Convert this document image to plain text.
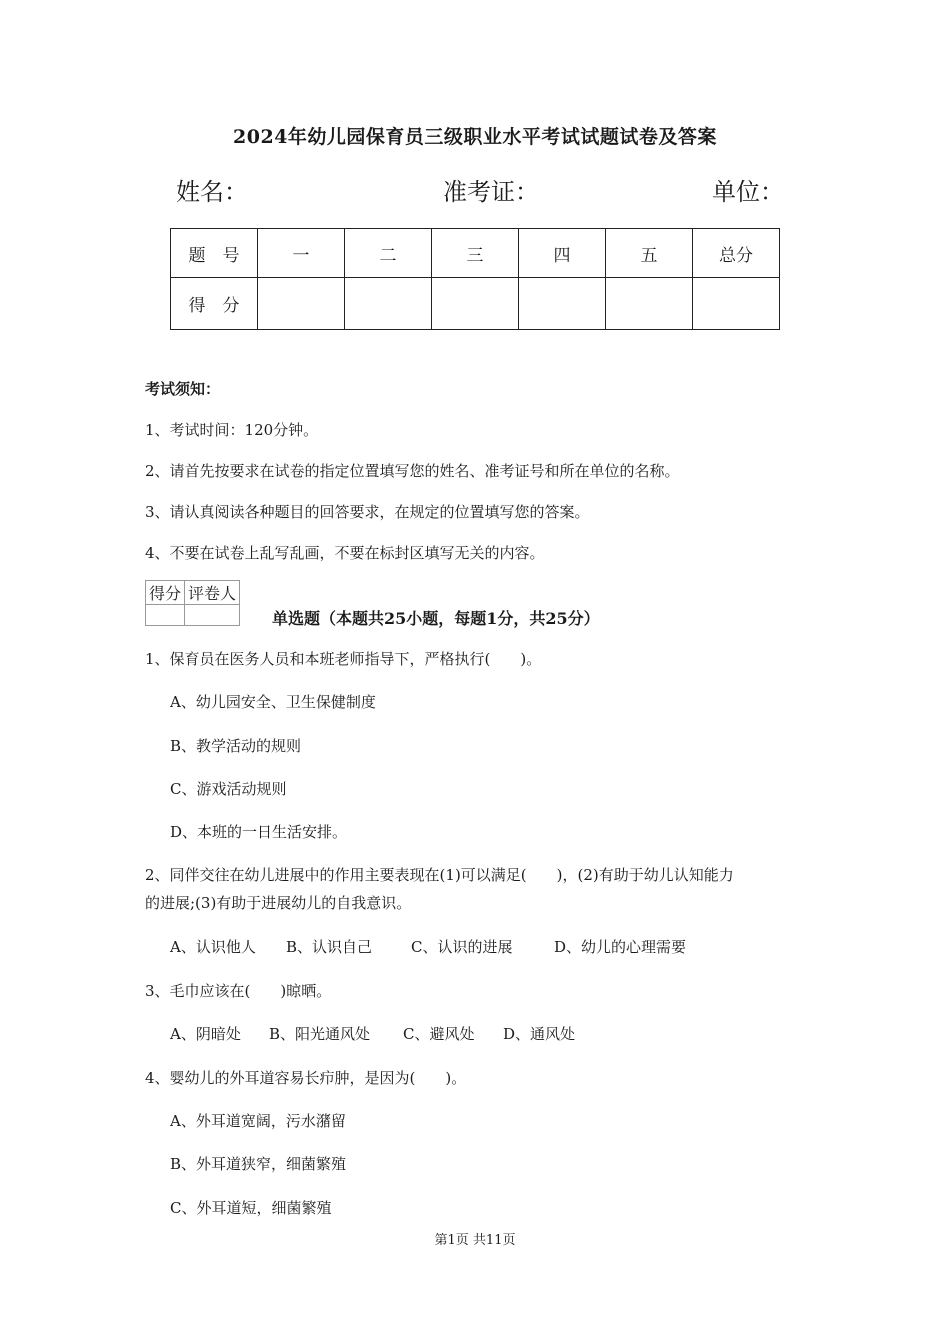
2024年幼儿园保育员三级职业水平考试试题试卷及答案
姓名：	准考证：	单位：
题　号	一	二	三	四	五	总分
得　分						
考试须知：
1、考试时间：120分钟。
2、请首先按要求在试卷的指定位置填写您的姓名、准考证号和所在单位的名称。
3、请认真阅读各种题目的回答要求，在规定的位置填写您的答案。
4、不要在试卷上乱写乱画，不要在标封区填写无关的内容。
得分	评卷人

单选题（本题共25小题，每题1分，共25分）
1、保育员在医务人员和本班老师指导下，严格执行(　　)。
A、幼儿园安全、卫生保健制度
B、教学活动的规则
C、游戏活动规则
D、本班的一日生活安排。
2、同伴交往在幼儿进展中的作用主要表现在(1)可以满足(　　)，(2)有助于幼儿认知能力
的进展;(3)有助于进展幼儿的自我意识。
A、认识他人 B、认识自己	C、认识的进展	D、幼儿的心理需要
3、毛巾应该在(　　)晾晒。
A、阴暗处 B、阳光通风处 C、避风处 D、通风处
4、婴幼儿的外耳道容易长疖肿，是因为(　　)。
A、外耳道宽阔，污水潴留
B、外耳道狭窄，细菌繁殖
C、外耳道短，细菌繁殖
第1页 共11页
